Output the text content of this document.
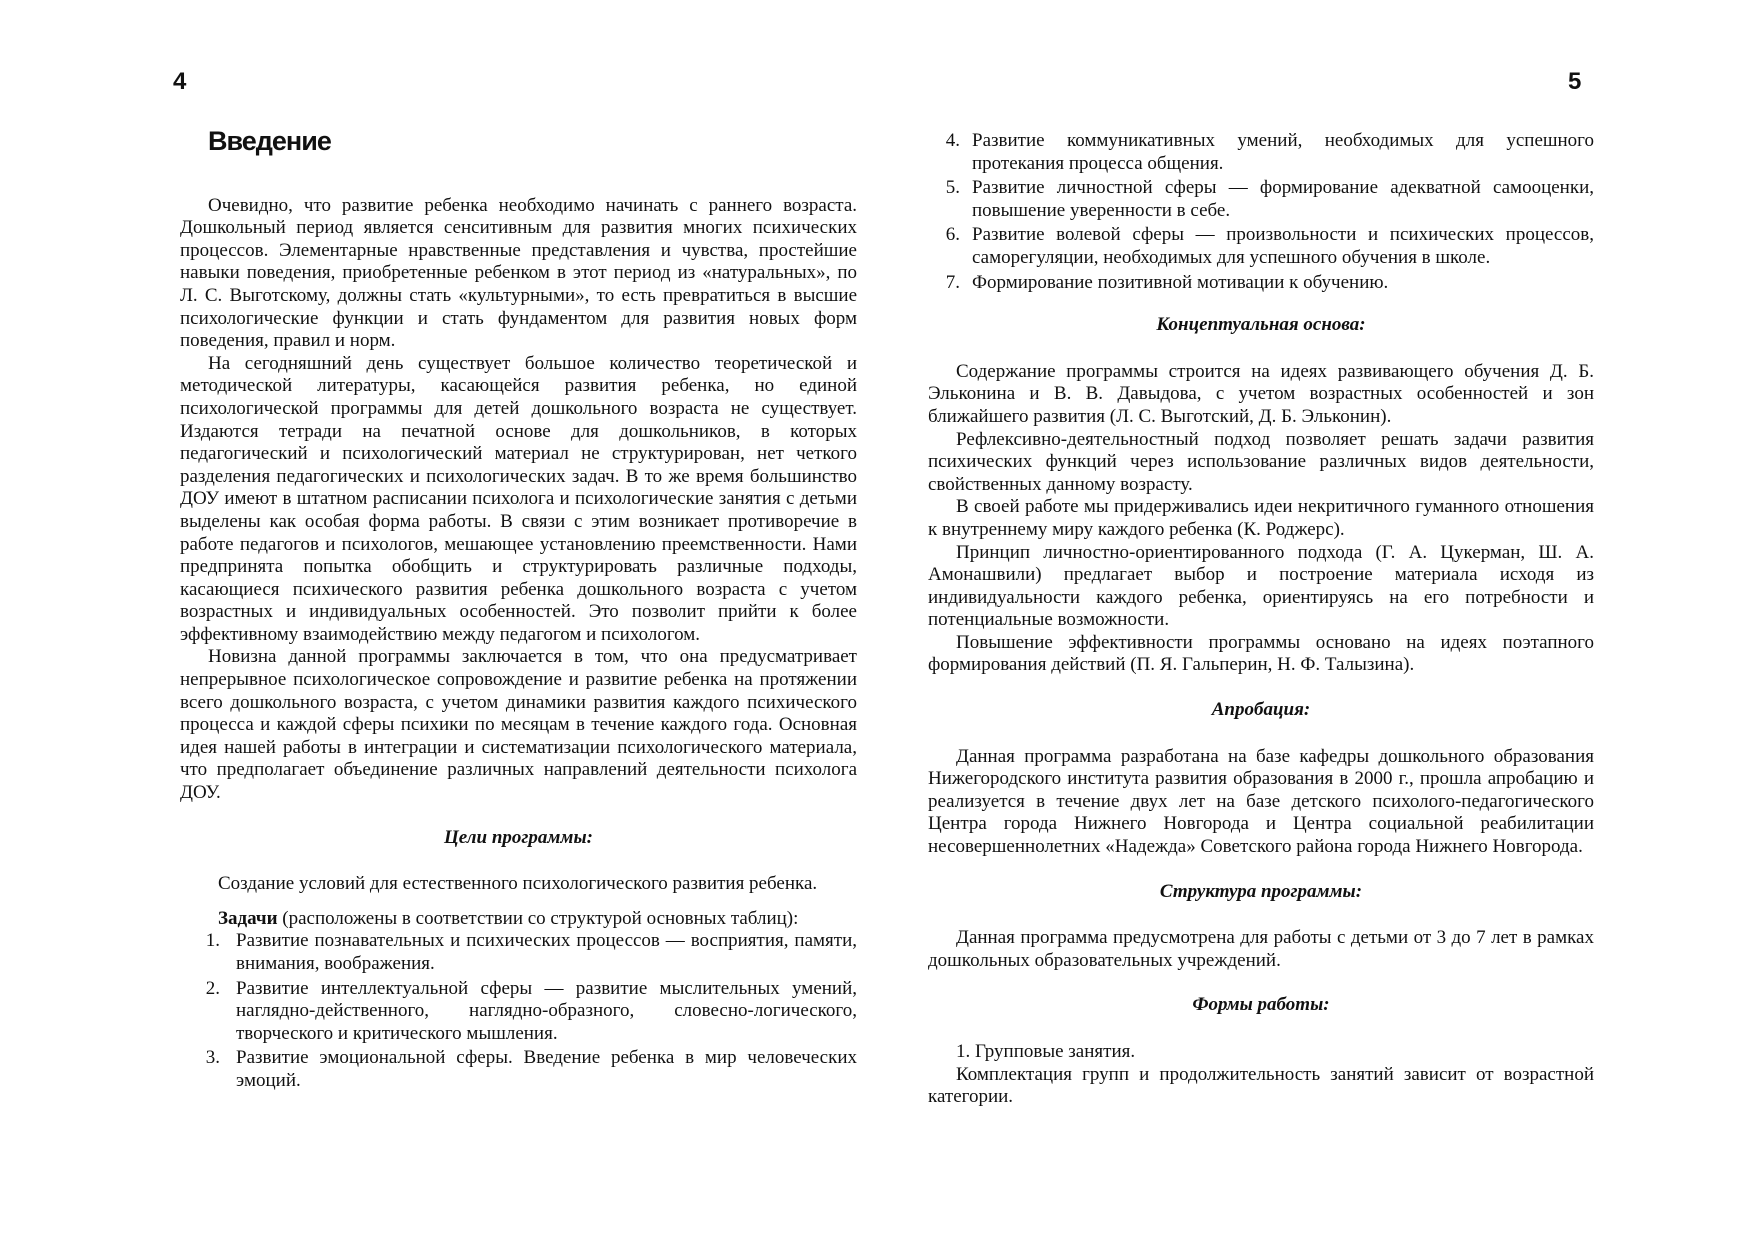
4	5
Введение

Очевидно, что развитие ребенка необходимо начинать с раннего возраста. Дошкольный период является сенситивным для развития многих психических процессов. Элементарные нравственные представления и чувства, простейшие навыки поведения, приобретенные ребенком в этот период из «натуральных», по Л. С. Выготскому, должны стать «культурными», то есть превратиться в высшие психологические функции и стать фундаментом для развития новых форм поведения, правил и норм.

На сегодняшний день существует большое количество теоретической и методической литературы, касающейся развития ребенка, но единой психологической программы для детей дошкольного возраста не существует. Издаются тетради на печатной основе для дошкольников, в которых педагогический и психологический материал не структурирован, нет четкого разделения педагогических и психологических задач. В то же время большинство ДОУ имеют в штатном расписании психолога и психологические занятия с детьми выделены как особая форма работы. В связи с этим возникает противоречие в работе педагогов и психологов, мешающее установлению преемственности. Нами предпринята попытка обобщить и структурировать различные подходы, касающиеся психического развития ребенка дошкольного возраста с учетом возрастных и индивидуальных особенностей. Это позволит прийти к более эффективному взаимодействию между педагогом и психологом.

Новизна данной программы заключается в том, что она предусматривает непрерывное психологическое сопровождение и развитие ребенка на протяжении всего дошкольного возраста, с учетом динамики развития каждого психического процесса и каждой сферы психики по месяцам в течение каждого года. Основная идея нашей работы в интеграции и систематизации психологического материала, что предполагает объединение различных направлений деятельности психолога ДОУ.

Цели программы:

Создание условий для естественного психологического развития ребенка.

Задачи (расположены в соответствии со структурой основных таблиц):

1. Развитие познавательных и психических процессов — восприятия, памяти, внимания, воображения.
2. Развитие интеллектуальной сферы — развитие мыслительных умений, наглядно-действенного, наглядно-образного, словесно-логического, творческого и критического мышления.
3. Развитие эмоциональной сферы. Введение ребенка в мир человеческих эмоций.
4. Развитие коммуникативных умений, необходимых для успешного протекания процесса общения.
5. Развитие личностной сферы — формирование адекватной самооценки, повышение уверенности в себе.
6. Развитие волевой сферы — произвольности и психических процессов, саморегуляции, необходимых для успешного обучения в школе.
7. Формирование позитивной мотивации к обучению.
Концептуальная основа:

Содержание программы строится на идеях развивающего обучения Д. Б. Эльконина и В. В. Давыдова, с учетом возрастных особенностей и зон ближайшего развития (Л. С. Выготский, Д. Б. Эльконин).

Рефлексивно-деятельностный подход позволяет решать задачи развития психических функций через использование различных видов деятельности, свойственных данному возрасту.

В своей работе мы придерживались идеи некритичного гуманного отношения к внутреннему миру каждого ребенка (К. Роджерс).

Принцип личностно-ориентированного подхода (Г. А. Цукерман, Ш. А. Амонашвили) предлагает выбор и построение материала исходя из индивидуальности каждого ребенка, ориентируясь на его потребности и потенциальные возможности.

Повышение эффективности программы основано на идеях поэтапного формирования действий (П. Я. Гальперин, Н. Ф. Талызина).

Апробация:

Данная программа разработана на базе кафедры дошкольного образования Нижегородского института развития образования в 2000 г., прошла апробацию и реализуется в течение двух лет на базе детского психолого-педагогического Центра города Нижнего Новгорода и Центра социальной реабилитации несовершеннолетних «Надежда» Советского района города Нижнего Новгорода.

Структура программы:

Данная программа предусмотрена для работы с детьми от 3 до 7 лет в рамках дошкольных образовательных учреждений.

Формы работы:

1. Групповые занятия.

Комплектация групп и продолжительность занятий зависит от возрастной категории.
